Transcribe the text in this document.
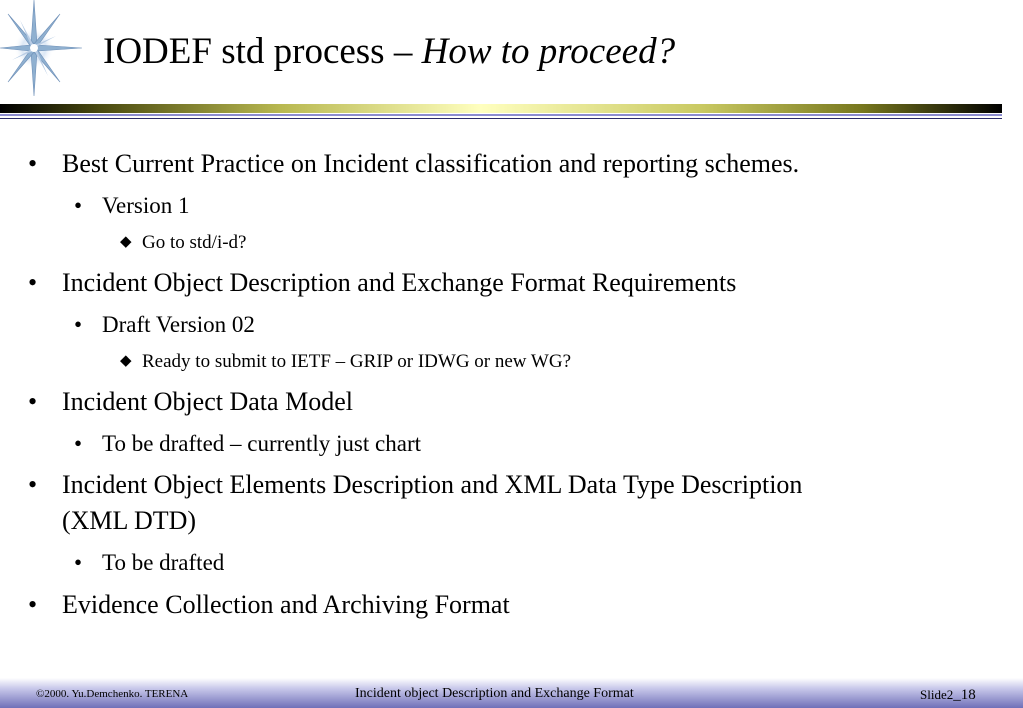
IODEF std process – How to proceed?
• Best Current Practice on Incident classification and reporting schemes.
• Version 1
◆ Go to std/i-d?
• Incident Object Description and Exchange Format Requirements
• Draft Version 02
◆ Ready to submit to IETF – GRIP or IDWG or new WG?
• Incident Object Data Model
• To be drafted – currently just chart
• Incident Object Elements Description and XML Data Type Description
(XML DTD)
• To be drafted
• Evidence Collection and Archiving Format
©2000. Yu.Demchenko. TERENA	Incident object Description and Exchange Format	Slide2_18
